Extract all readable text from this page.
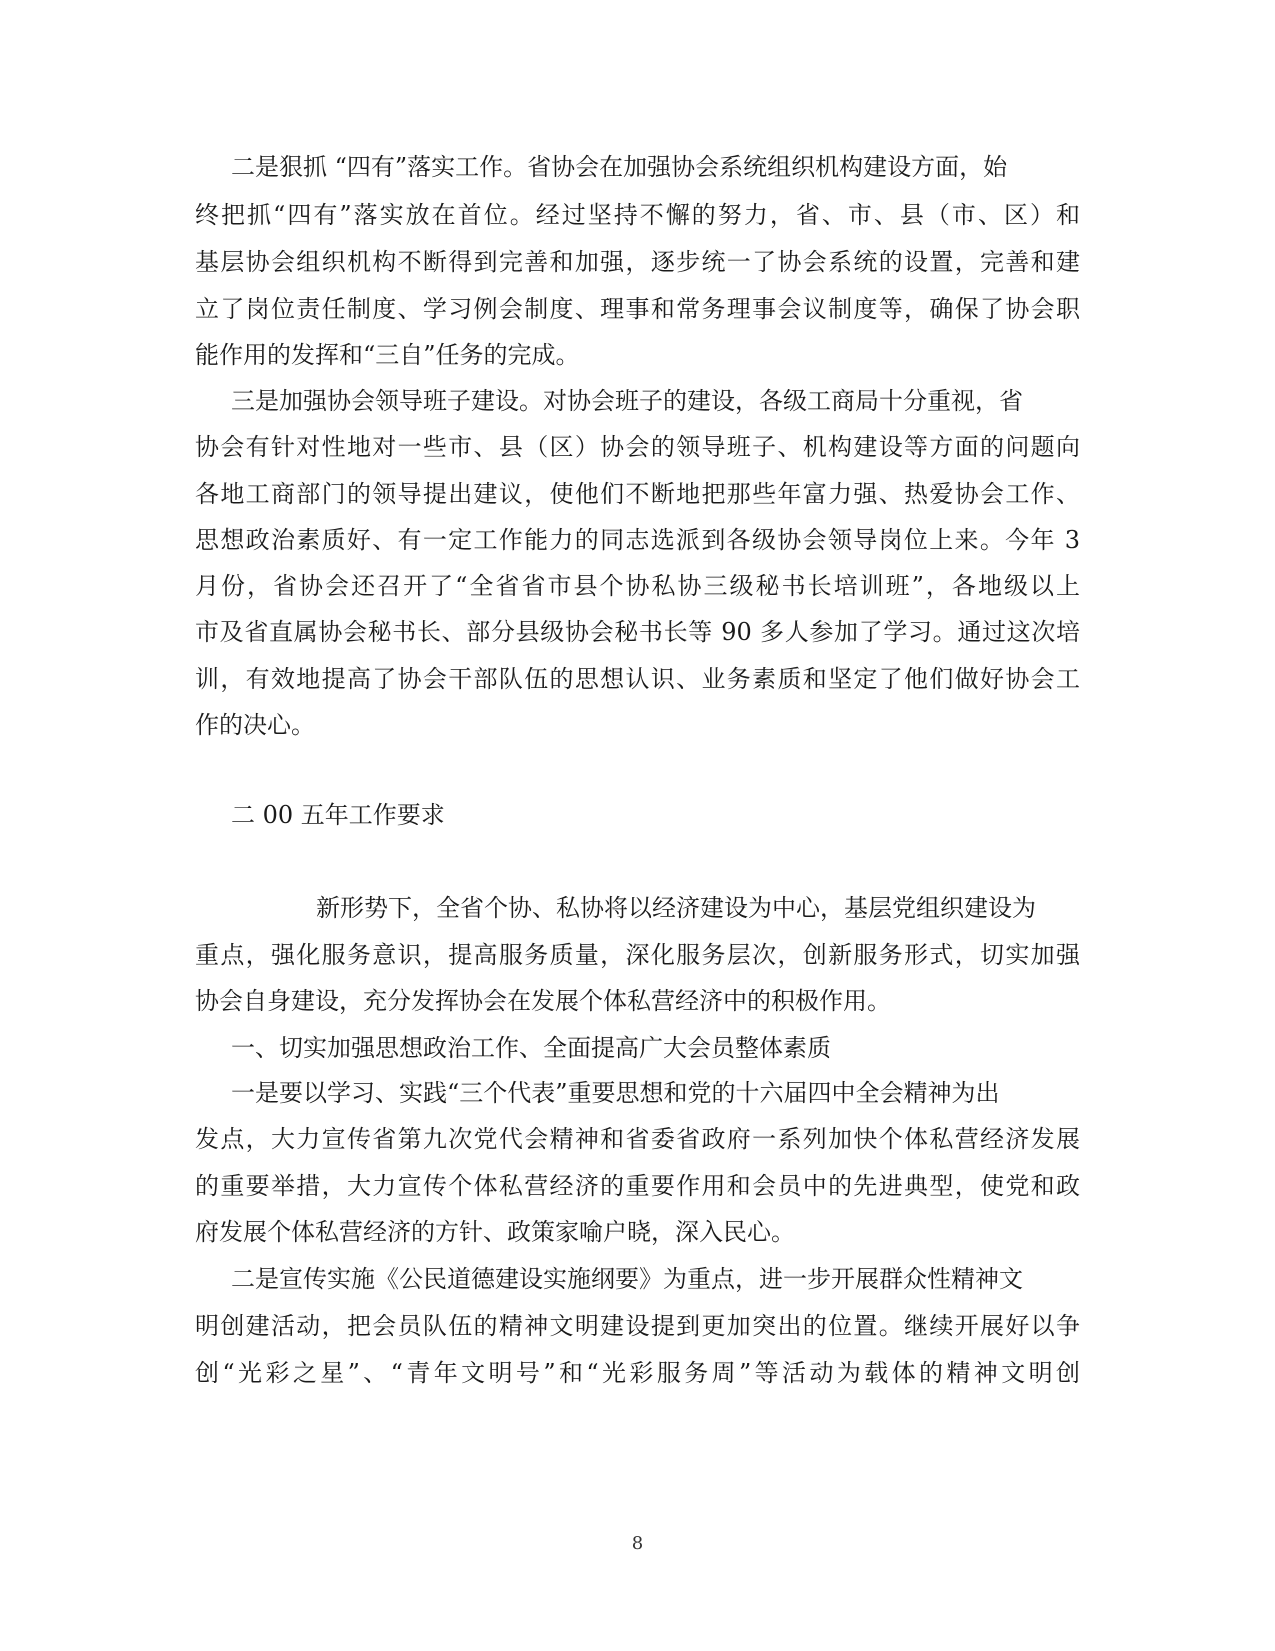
二是狠抓 “四有”落实工作。省协会在加强协会系统组织机构建设方面，始
终把抓“四有”落实放在首位。经过坚持不懈的努力，省、市、县（市、区）和
基层协会组织机构不断得到完善和加强，逐步统一了协会系统的设置，完善和建
立了岗位责任制度、学习例会制度、理事和常务理事会议制度等，确保了协会职
能作用的发挥和“三自”任务的完成。
三是加强协会领导班子建设。对协会班子的建设，各级工商局十分重视，省
协会有针对性地对一些市、县（区）协会的领导班子、机构建设等方面的问题向
各地工商部门的领导提出建议，使他们不断地把那些年富力强、热爱协会工作、
思想政治素质好、有一定工作能力的同志选派到各级协会领导岗位上来。今年 3
月份，省协会还召开了“全省省市县个协私协三级秘书长培训班”，各地级以上
市及省直属协会秘书长、部分县级协会秘书长等 90 多人参加了学习。通过这次培
训，有效地提高了协会干部队伍的思想认识、业务素质和坚定了他们做好协会工
作的决心。
二 00 五年工作要求
新形势下，全省个协、私协将以经济建设为中心，基层党组织建设为
重点，强化服务意识，提高服务质量，深化服务层次，创新服务形式，切实加强
协会自身建设，充分发挥协会在发展个体私营经济中的积极作用。
一、切实加强思想政治工作、全面提高广大会员整体素质
一是要以学习、实践“三个代表”重要思想和党的十六届四中全会精神为出
发点，大力宣传省第九次党代会精神和省委省政府一系列加快个体私营经济发展
的重要举措，大力宣传个体私营经济的重要作用和会员中的先进典型，使党和政
府发展个体私营经济的方针、政策家喻户晓，深入民心。
二是宣传实施《公民道德建设实施纲要》为重点，进一步开展群众性精神文
明创建活动，把会员队伍的精神文明建设提到更加突出的位置。继续开展好以争
创“光彩之星”、“青年文明号”和“光彩服务周”等活动为载体的精神文明创
8
